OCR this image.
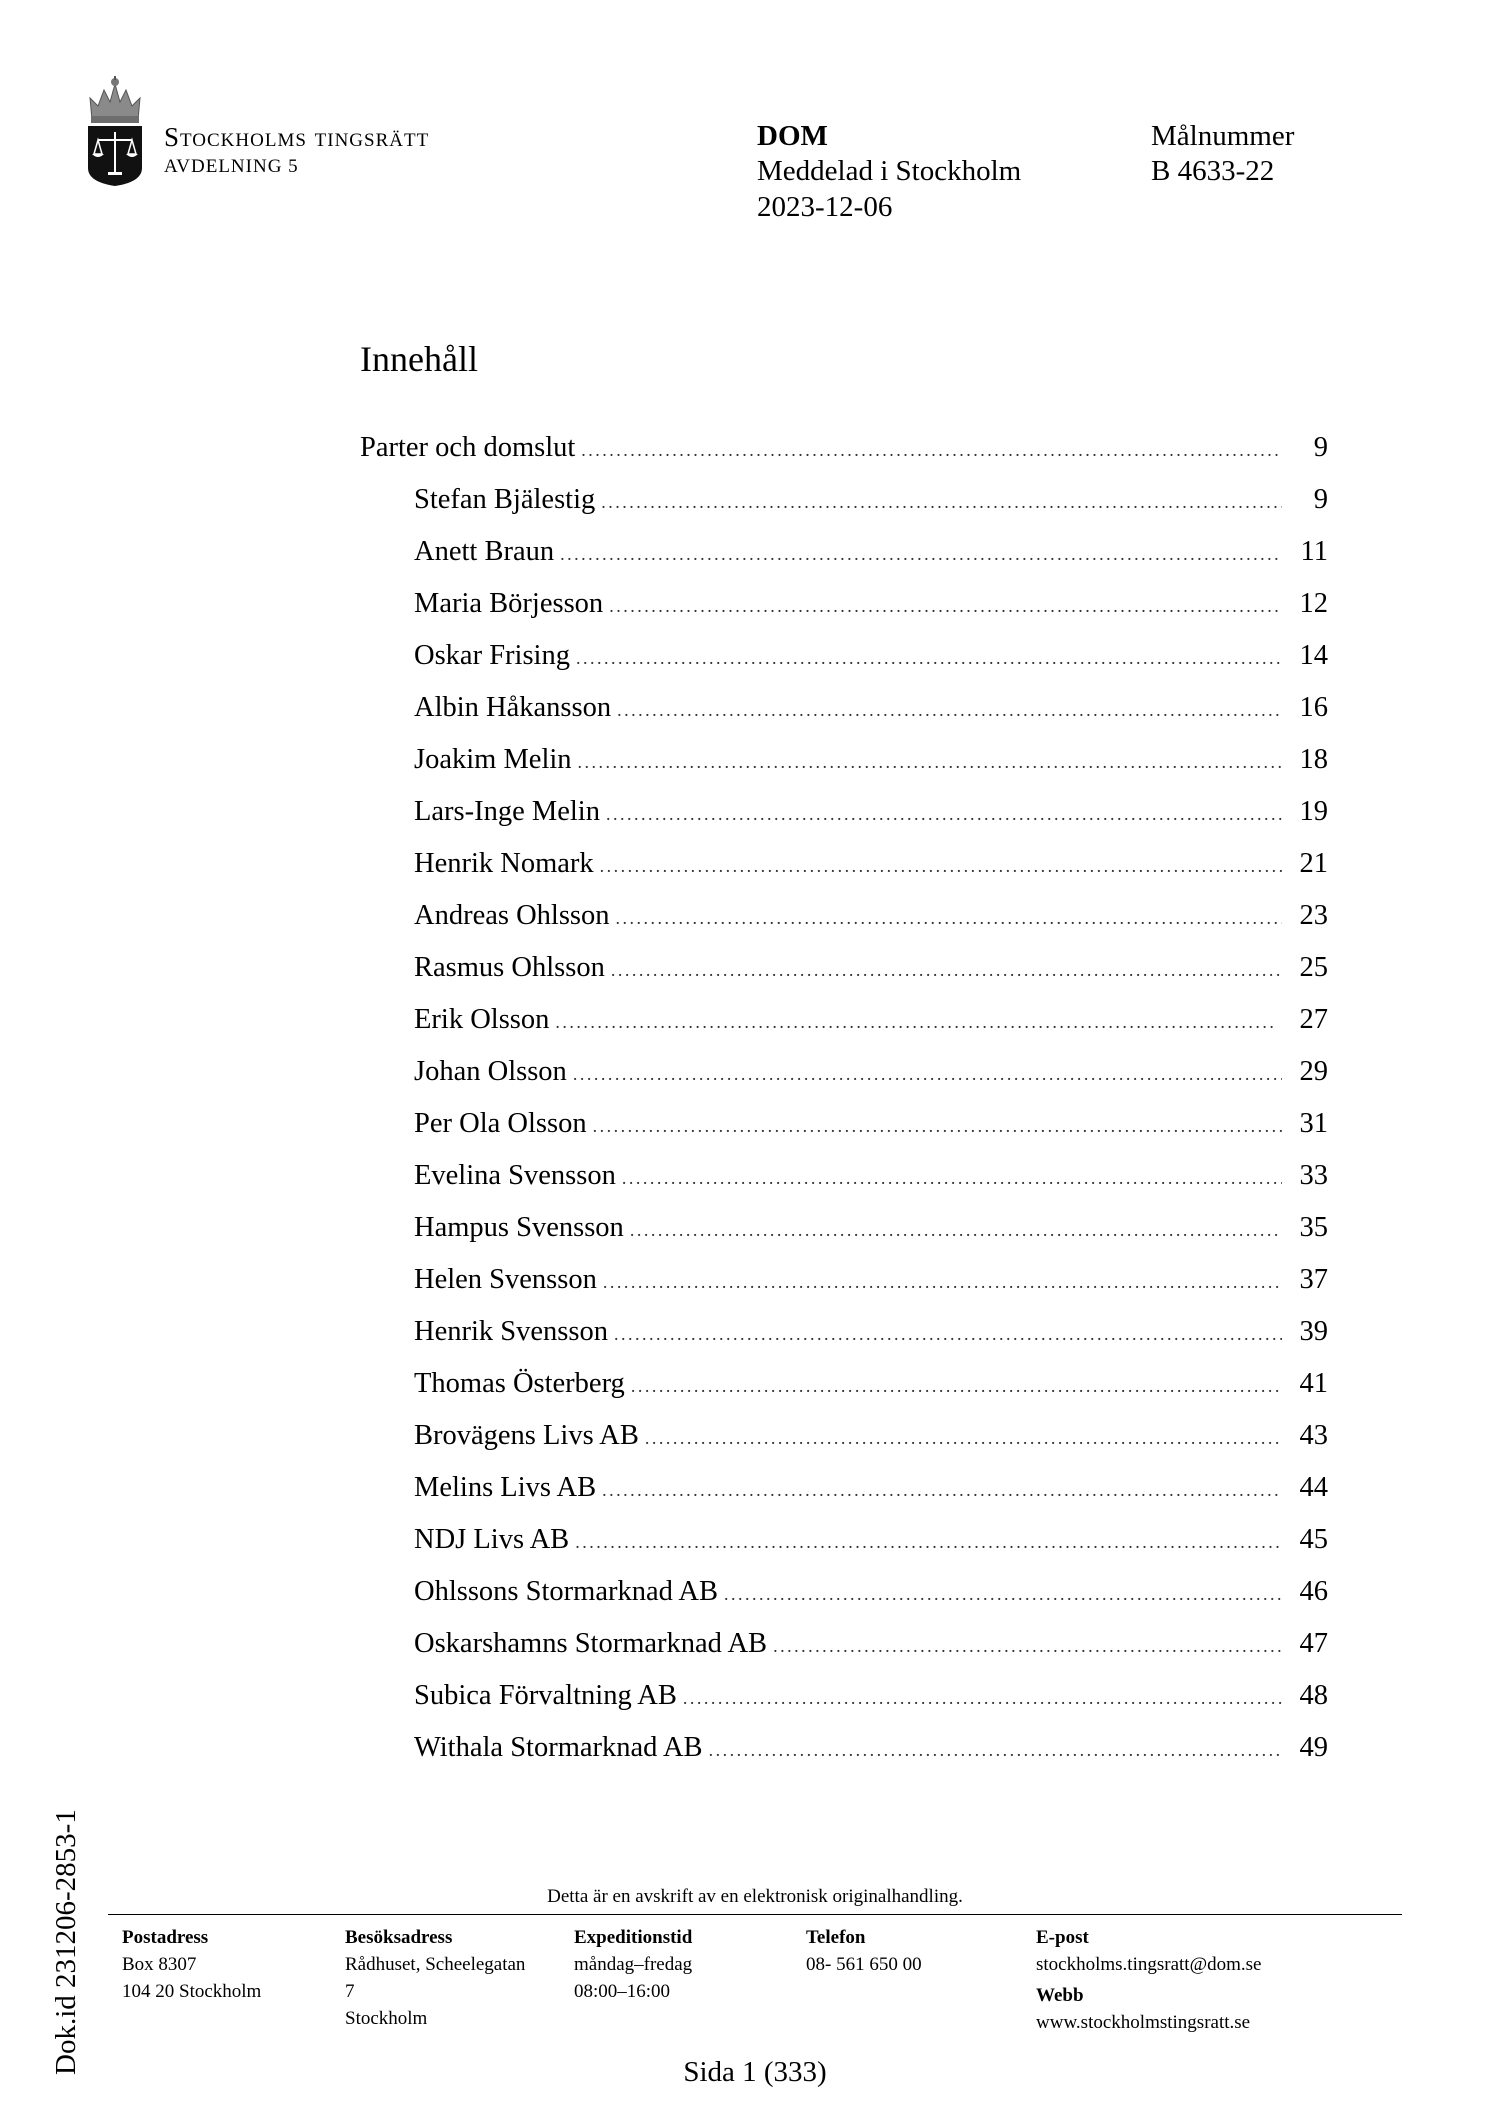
Stockholms tingsrätt
AVDELNING 5
DOM
Meddelad i Stockholm
2023-12-06
Målnummer
B 4633-22
Innehåll
Parter och domslut . . .	9
Stefan Bjälestig . . .	9
Anett Braun . . .	11
Maria Börjesson . . .	12
Oskar Frising . . .	14
Albin Håkansson . . .	16
Joakim Melin . . .	18
Lars-Inge Melin . . .	19
Henrik Nomark . . .	21
Andreas Ohlsson . . .	23
Rasmus Ohlsson . . .	25
Erik Olsson . . .	27
Johan Olsson . . .	29
Per Ola Olsson . . .	31
Evelina Svensson . . .	33
Hampus Svensson . . .	35
Helen Svensson . . .	37
Henrik Svensson . . .	39
Thomas Österberg . . .	41
Brovägens Livs AB . . .	43
Melins Livs AB . . .	44
NDJ Livs AB . . .	45
Ohlssons Stormarknad AB . . .	46
Oskarshamns Stormarknad AB . . .	47
Subica Förvaltning AB . . .	48
Withala Stormarknad AB . . .	49
Dok.id 231206-2853-1	Detta är en avskrift av en elektronisk originalhandling.
Postadress
Box 8307
104 20 Stockholm
Besöksadress
Rådhuset, Scheelegatan
7
Stockholm
Expeditionstid
måndag–fredag
08:00–16:00
Telefon
08- 561 650 00
E-post
stockholms.tingsratt@dom.se
Webb
www.stockholmstingsratt.se
Sida 1 (333)
